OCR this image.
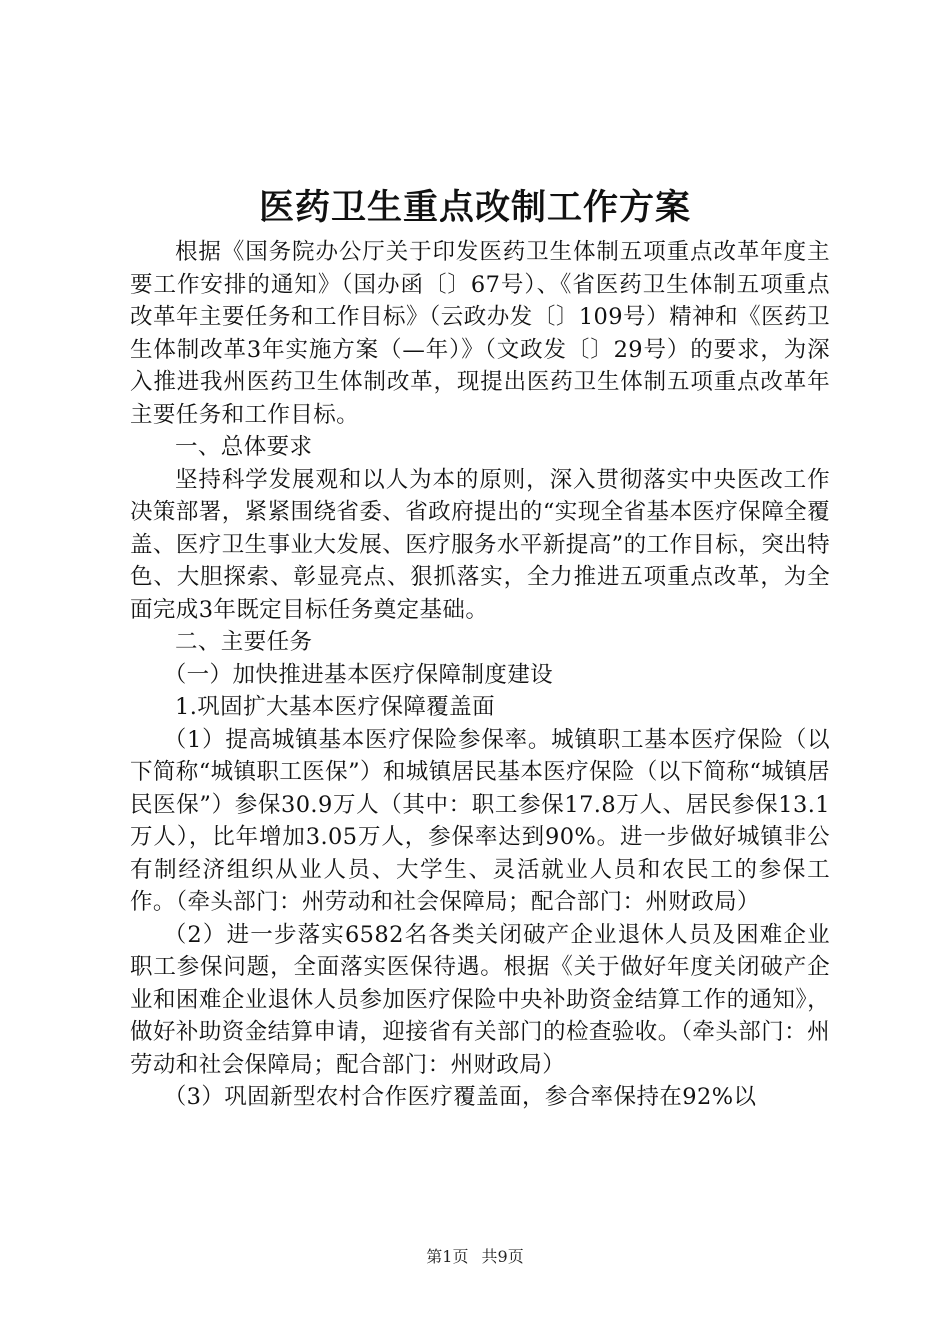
医药卫生重点改制工作方案

根据《国务院办公厅关于印发医药卫生体制五项重点改革年度主要工作安排的通知》（国办函〔〕67号）、《省医药卫生体制五项重点改革年主要任务和工作目标》（云政办发〔〕109号）精神和《医药卫生体制改革3年实施方案（—年）》（文政发〔〕29号）的要求，为深入推进我州医药卫生体制改革，现提出医药卫生体制五项重点改革年主要任务和工作目标。

一、总体要求

坚持科学发展观和以人为本的原则，深入贯彻落实中央医改工作决策部署，紧紧围绕省委、省政府提出的“实现全省基本医疗保障全覆盖、医疗卫生事业大发展、医疗服务水平新提高”的工作目标，突出特色、大胆探索、彰显亮点、狠抓落实，全力推进五项重点改革，为全面完成3年既定目标任务奠定基础。

二、主要任务

（一）加快推进基本医疗保障制度建设

1.巩固扩大基本医疗保障覆盖面

（1）提高城镇基本医疗保险参保率。城镇职工基本医疗保险（以下简称“城镇职工医保”）和城镇居民基本医疗保险（以下简称“城镇居民医保”）参保30.9万人（其中：职工参保17.8万人、居民参保13.1万人），比年增加3.05万人，参保率达到90%。进一步做好城镇非公有制经济组织从业人员、大学生、灵活就业人员和农民工的参保工作。（牵头部门：州劳动和社会保障局；配合部门：州财政局）

（2）进一步落实6582名各类关闭破产企业退休人员及困难企业职工参保问题，全面落实医保待遇。根据《关于做好年度关闭破产企业和困难企业退休人员参加医疗保险中央补助资金结算工作的通知》，做好补助资金结算申请，迎接省有关部门的检查验收。（牵头部门：州劳动和社会保障局；配合部门：州财政局）

（3）巩固新型农村合作医疗覆盖面，参合率保持在92%以

第1页 共9页
